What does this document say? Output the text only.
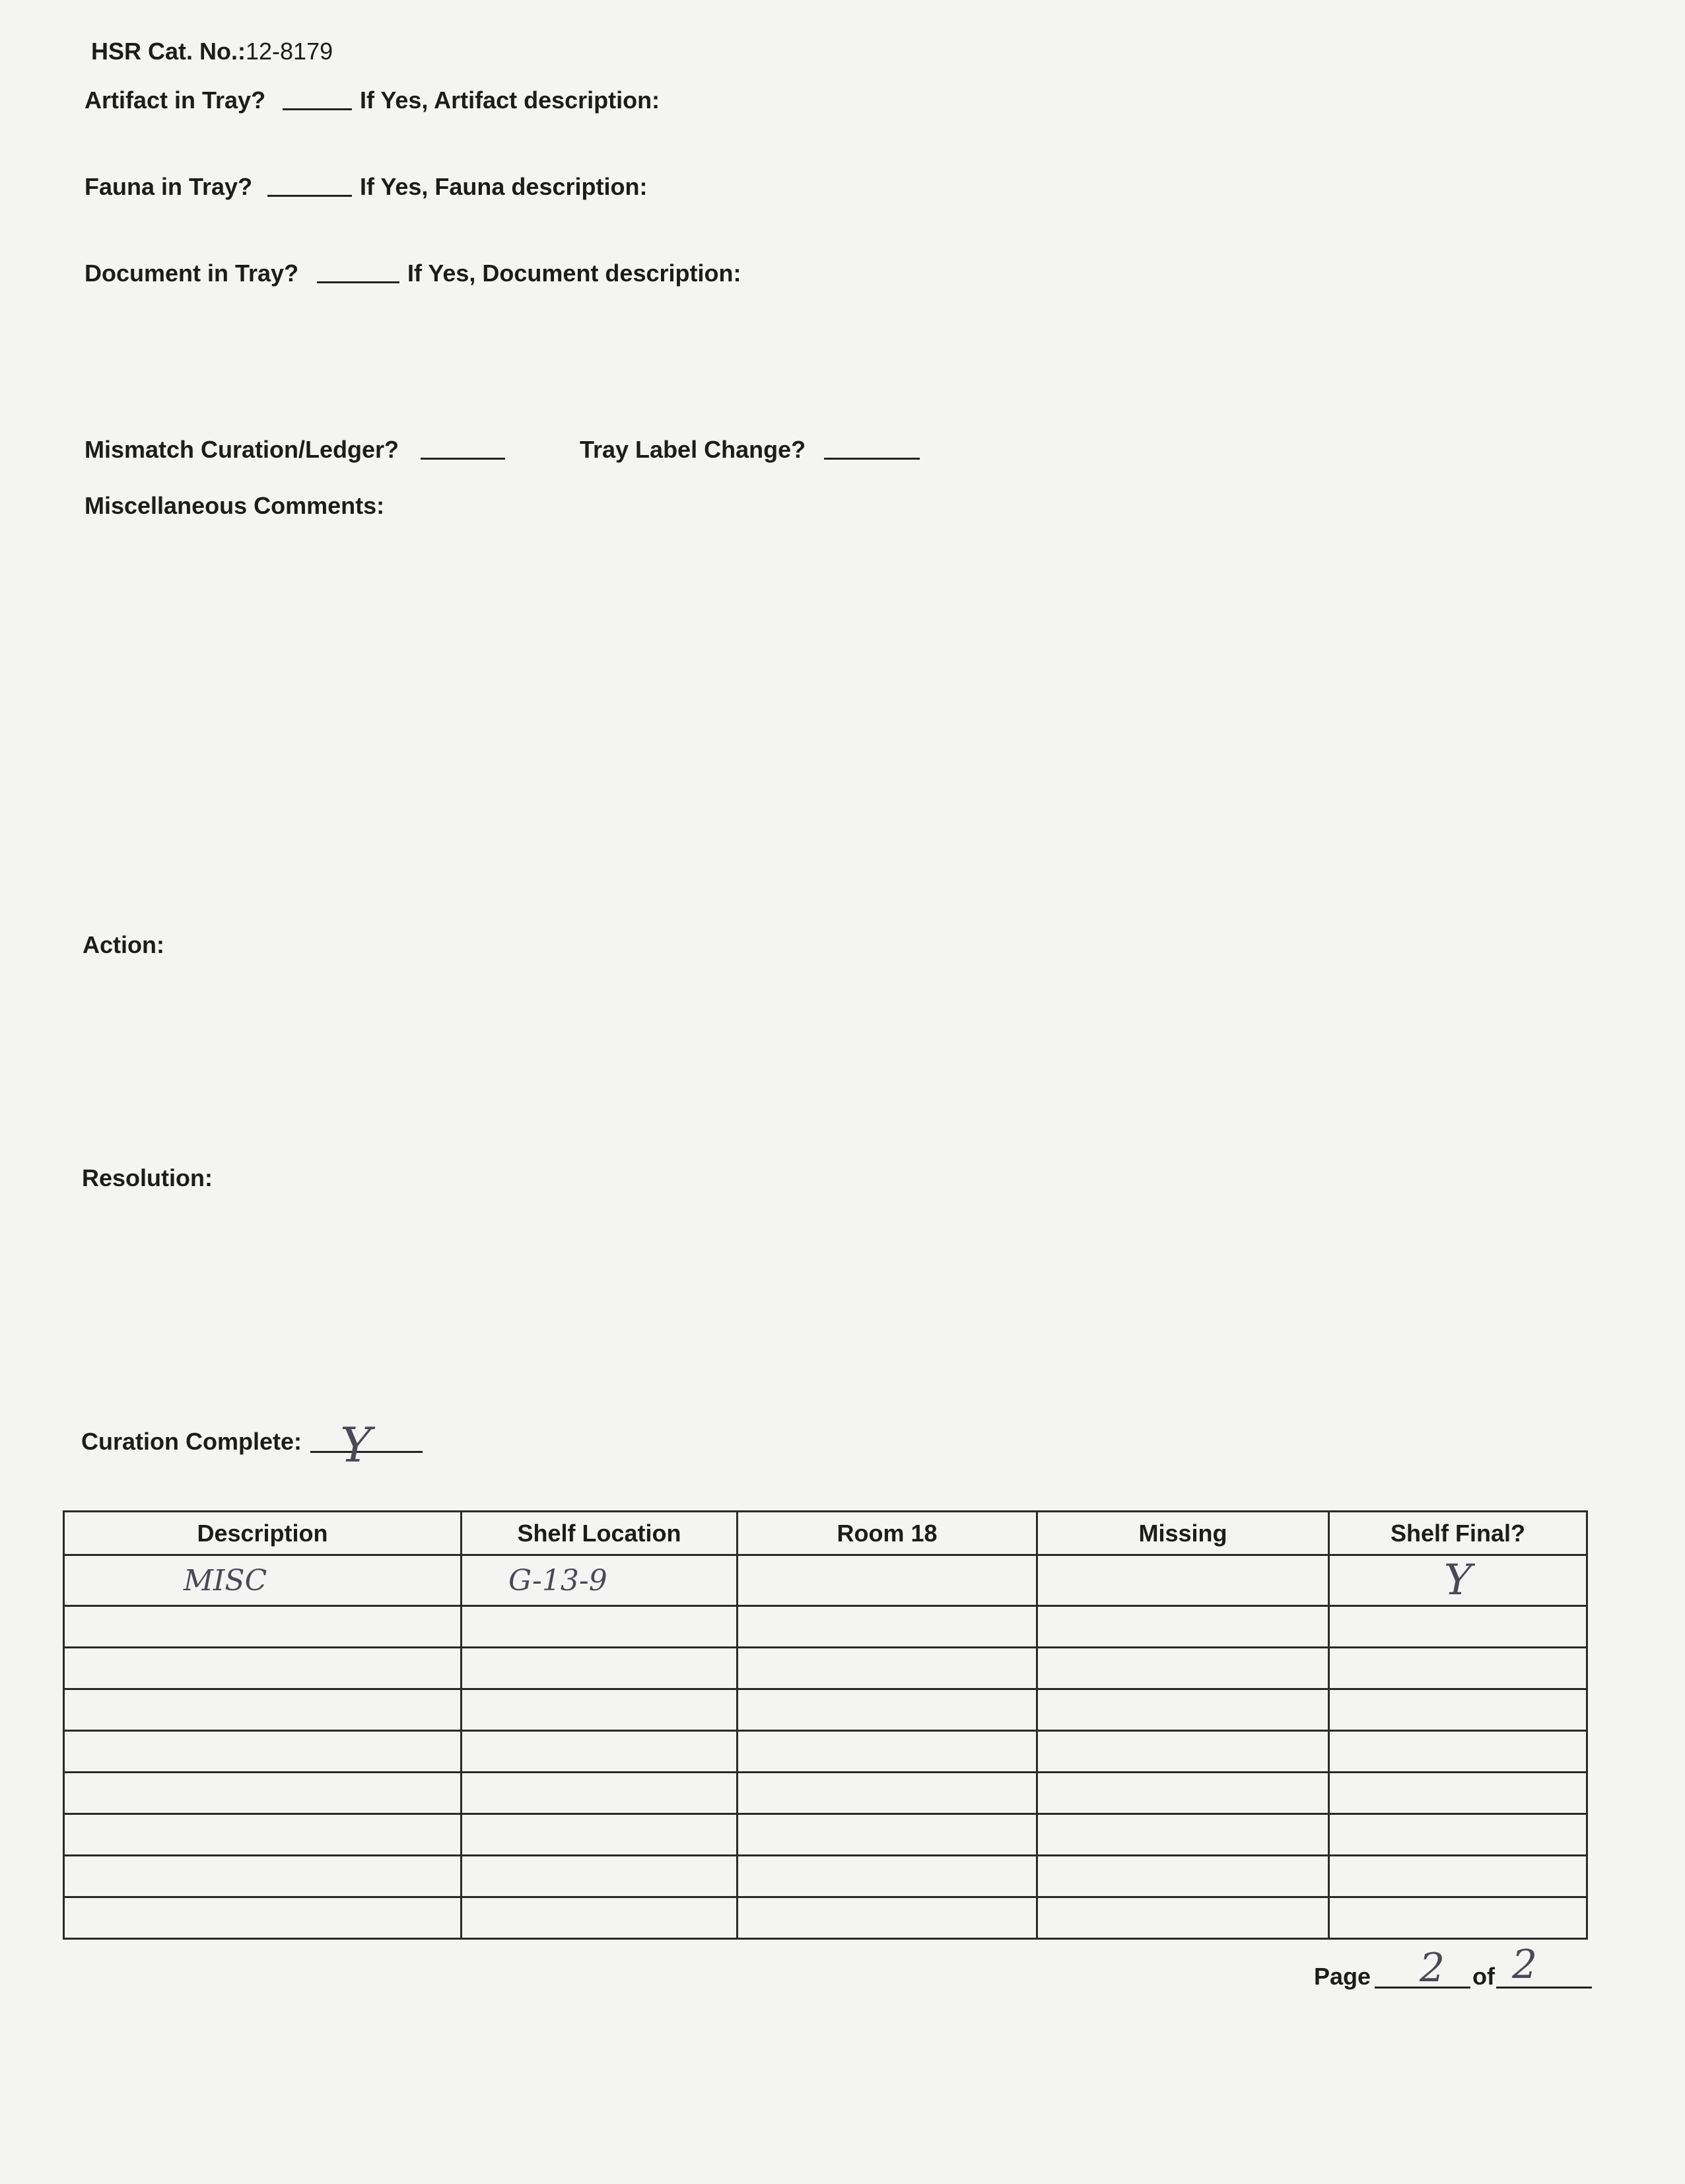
HSR Cat. No.:12-8179
Artifact in Tray?	If Yes, Artifact description:
Fauna in Tray?	If Yes, Fauna description:
Document in Tray?	If Yes, Document description:
Mismatch Curation/Ledger?	Tray Label Change?
Miscellaneous Comments:
Action:
Resolution:
Curation Complete: Y
Description	Shelf Location	Room 18	Missing	Shelf Final?
MISC	G-13-9			Y

Page 2 of 2
